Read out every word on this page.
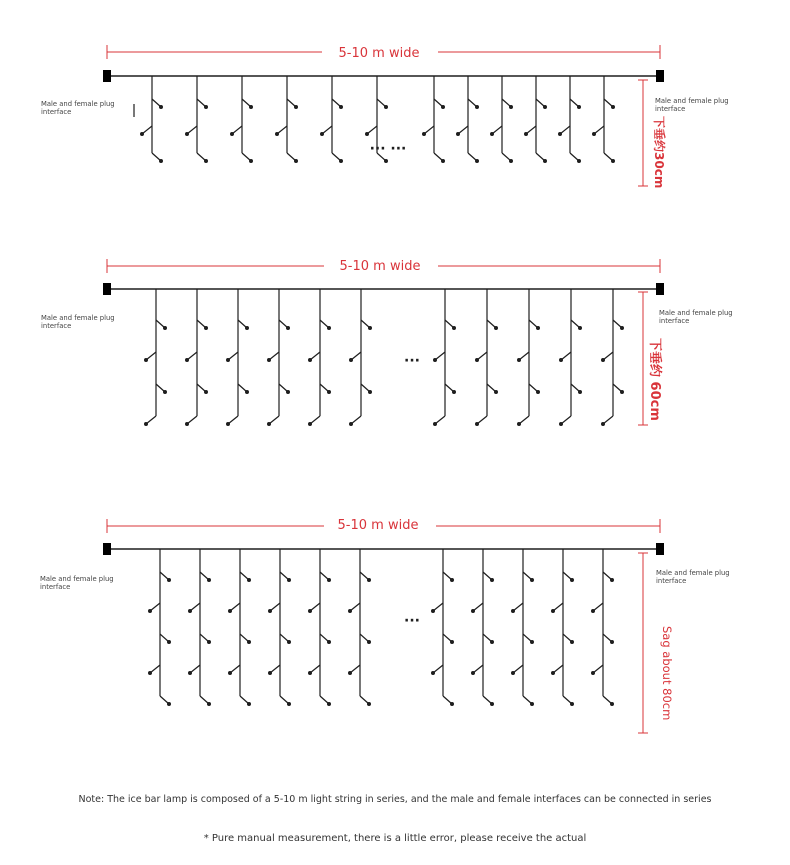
5-10 m wide
Male and female plug interface
Male and female plug interface
下垂约30cm
··· ···
5-10 m wide
Male and female plug interface
Male and female plug interface
下垂约 60cm
···
5-10 m wide
Male and female plug interface
Male and female plug interface
Sag about 80cm
···
Note: The ice bar lamp is composed of a 5-10 m light string in series, and the male and female interfaces can be connected in series
* Pure manual measurement, there is a little error, please receive the actual
